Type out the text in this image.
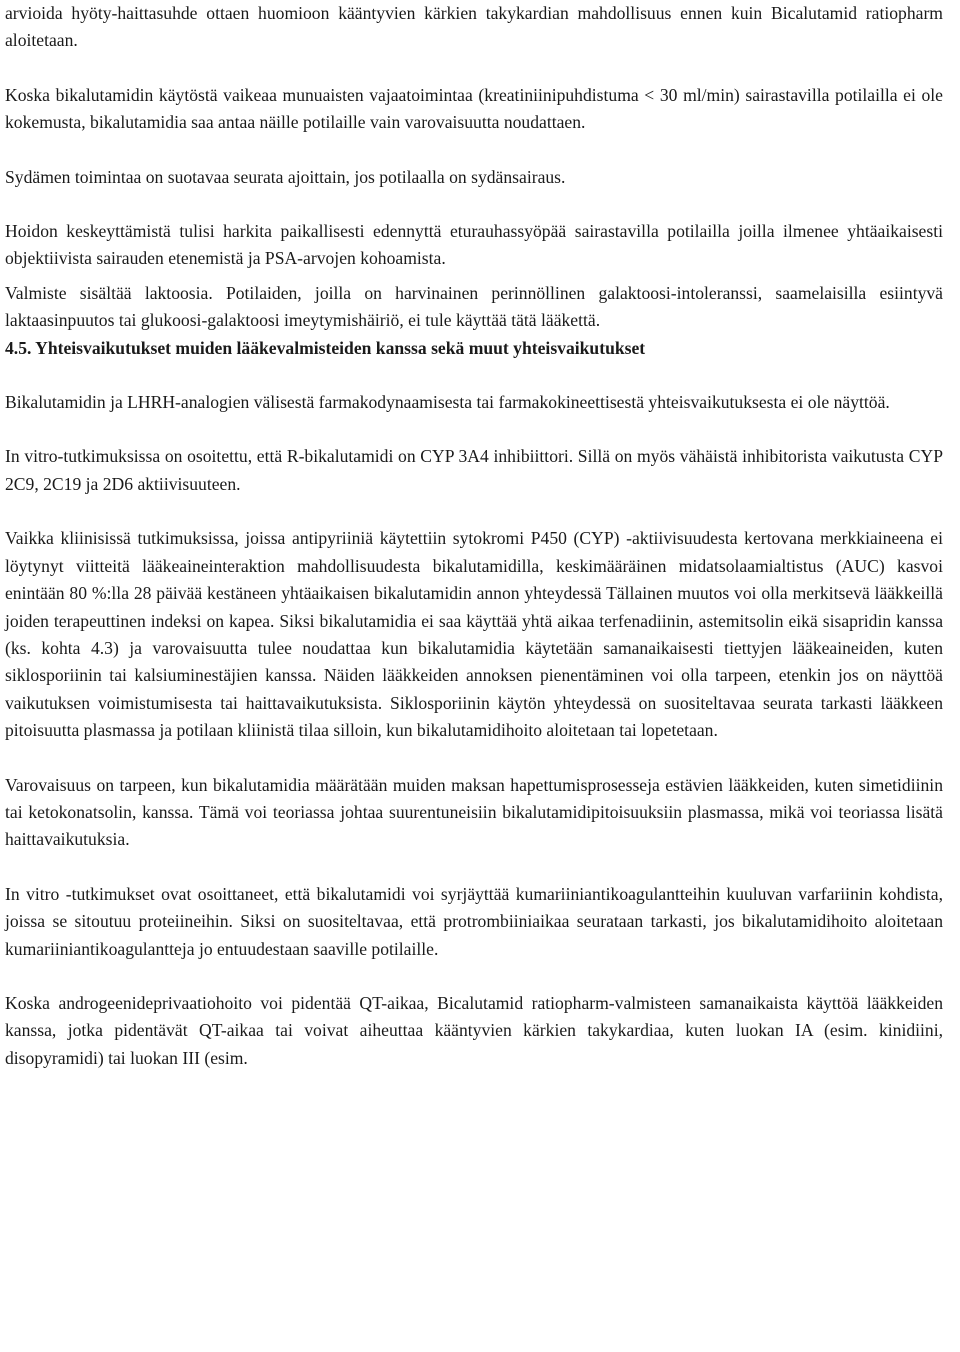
arvioida hyöty-haittasuhde ottaen huomioon kääntyvien kärkien takykardian mahdollisuus ennen kuin Bicalutamid ratiopharm aloitetaan.

Koska bikalutamidin käytöstä vaikeaa munuaisten vajaatoimintaa (kreatiniinipuhdistuma < 30 ml/min) sairastavilla potilailla ei ole kokemusta, bikalutamidia saa antaa näille potilaille vain varovaisuutta noudattaen.

Sydämen toimintaa on suotavaa seurata ajoittain, jos potilaalla on sydänsairaus.

Hoidon keskeyttämistä tulisi harkita paikallisesti edennyttä eturauhassyöpää sairastavilla potilailla joilla ilmenee yhtäaikaisesti objektiivista sairauden etenemistä ja PSA-arvojen kohoamista.

Valmiste sisältää laktoosia. Potilaiden, joilla on harvinainen perinnöllinen galaktoosi-intoleranssi, saamelaisilla esiintyvä laktaasinpuutos tai glukoosi-galaktoosi imeytymishäiriö, ei tule käyttää tätä lääkettä.

4.5. Yhteisvaikutukset muiden lääkevalmisteiden kanssa sekä muut yhteisvaikutukset

Bikalutamidin ja LHRH-analogien välisestä farmakodynaamisesta tai farmakokineettisestä yhteisvaikutuksesta ei ole näyttöä.

In vitro-tutkimuksissa on osoitettu, että R-bikalutamidi on CYP 3A4 inhibiittori. Sillä on myös vähäistä inhibitorista vaikutusta CYP 2C9, 2C19 ja 2D6 aktiivisuuteen.

Vaikka kliinisissä tutkimuksissa, joissa antipyriiniä käytettiin sytokromi P450 (CYP) -aktiivisuudesta kertovana merkkiaineena ei löytynyt viitteitä lääkeaineinteraktion mahdollisuudesta bikalutamidilla, keskimääräinen midatsolaamialtistus (AUC) kasvoi enintään 80 %:lla 28 päivää kestäneen yhtäaikaisen bikalutamidin annon yhteydessä Tällainen muutos voi olla merkitsevä lääkkeillä joiden terapeuttinen indeksi on kapea. Siksi bikalutamidia ei saa käyttää yhtä aikaa terfenadiinin, astemitsolin eikä sisapridin kanssa (ks. kohta 4.3) ja varovaisuutta tulee noudattaa kun bikalutamidia käytetään samanaikaisesti tiettyjen lääkeaineiden, kuten siklosporiinin tai kalsiuminestäjien kanssa. Näiden lääkkeiden annoksen pienentäminen voi olla tarpeen, etenkin jos on näyttöä vaikutuksen voimistumisesta tai haittavaikutuksista. Siklosporiinin käytön yhteydessä on suositeltavaa seurata tarkasti lääkkeen pitoisuutta plasmassa ja potilaan kliinistä tilaa silloin, kun bikalutamidihoito aloitetaan tai lopetetaan.

Varovaisuus on tarpeen, kun bikalutamidia määrätään muiden maksan hapettumisprosesseja estävien lääkkeiden, kuten simetidiinin tai ketokonatsolin, kanssa. Tämä voi teoriassa johtaa suurentuneisiin bikalutamidipitoisuuksiin plasmassa, mikä voi teoriassa lisätä haittavaikutuksia.

In vitro -tutkimukset ovat osoittaneet, että bikalutamidi voi syrjäyttää kumariiniantikoagulantteihin kuuluvan varfariinin kohdista, joissa se sitoutuu proteiineihin. Siksi on suositeltavaa, että protrombiiniaikaa seurataan tarkasti, jos bikalutamidihoito aloitetaan kumariiniantikoagulantteja jo entuudestaan saaville potilaille.

Koska androgeenideprivaatiohoito voi pidentää QT-aikaa, Bicalutamid ratiopharm-valmisteen samanaikaista käyttöä lääkkeiden kanssa, jotka pidentävät QT-aikaa tai voivat aiheuttaa kääntyvien kärkien takykardiaa, kuten luokan IA (esim. kinidiini, disopyramidi) tai luokan III (esim.
